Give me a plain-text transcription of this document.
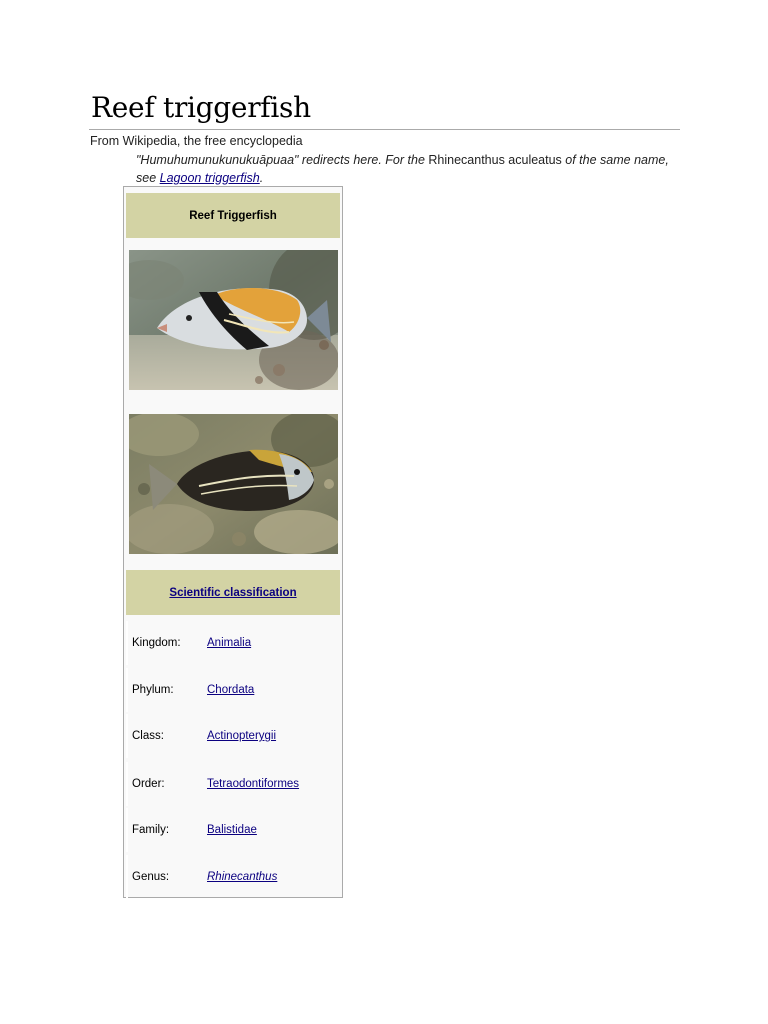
Reef triggerfish
From Wikipedia, the free encyclopedia
"Humuhumunukunukuāpuaa" redirects here. For the Rhinecanthus aculeatus of the same name, see Lagoon triggerfish.
Reef Triggerfish
Scientific classification
Kingdom:	Animalia
Phylum:	Chordata
Class:	Actinopterygii
Order:	Tetraodontiformes
Family:	Balistidae
Genus:	Rhinecanthus
